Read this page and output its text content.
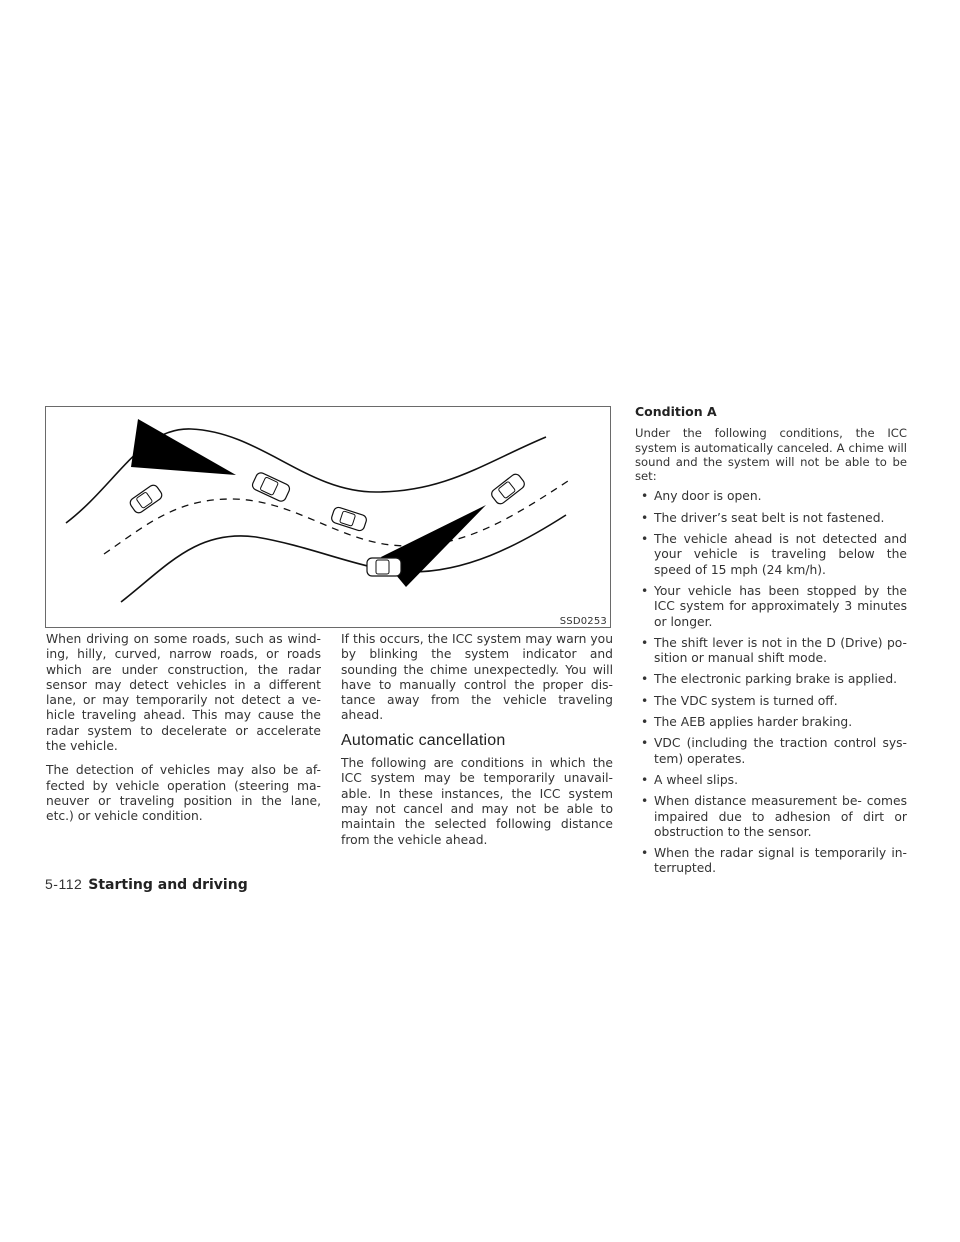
SSD0253

When driving on some roads, such as wind- ing, hilly, curved, narrow roads, or roads which are under construction, the radar sensor may detect vehicles in a different lane, or may temporarily not detect a ve- hicle traveling ahead. This may cause the radar system to decelerate or accelerate the vehicle.

The detection of vehicles may also be af- fected by vehicle operation (steering ma- neuver or traveling position in the lane, etc.) or vehicle condition.

If this occurs, the ICC system may warn you by blinking the system indicator and sounding the chime unexpectedly. You will have to manually control the proper dis- tance away from the vehicle traveling ahead.

Automatic cancellation

The following are conditions in which the ICC system may be temporarily unavail- able. In these instances, the ICC system may not cancel and may not be able to maintain the selected following distance from the vehicle ahead.

Condition A

Under the following conditions, the ICC system is automatically canceled. A chime will sound and the system will not be able to be set:

• Any door is open.
• The driver’s seat belt is not fastened.
• The vehicle ahead is not detected and your vehicle is traveling below the speed of 15 mph (24 km/h).
• Your vehicle has been stopped by the ICC system for approximately 3 minutes or longer.
• The shift lever is not in the D (Drive) po- sition or manual shift mode.
• The electronic parking brake is applied.
• The VDC system is turned off.
• The AEB applies harder braking.
• VDC (including the traction control sys- tem) operates.
• A wheel slips.
• When distance measurement be- comes impaired due to adhesion of dirt or obstruction to the sensor.
• When the radar signal is temporarily in- terrupted.
5-112 Starting and driving
